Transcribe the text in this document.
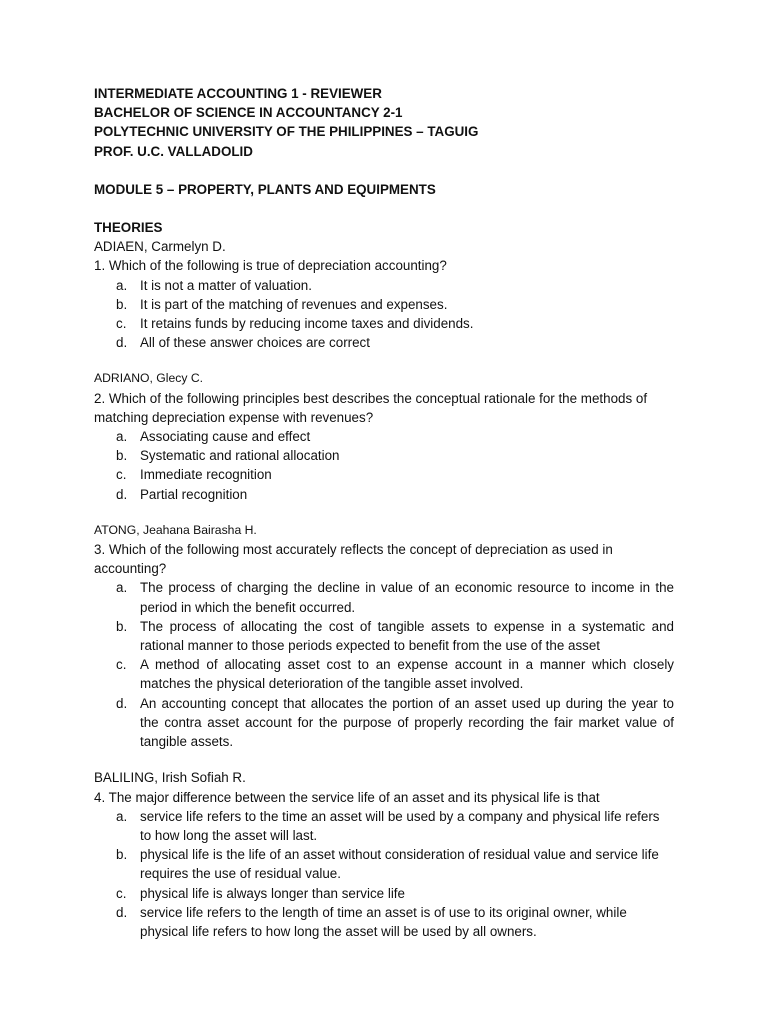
INTERMEDIATE ACCOUNTING 1 - REVIEWER

BACHELOR OF SCIENCE IN ACCOUNTANCY 2-1

POLYTECHNIC UNIVERSITY OF THE PHILIPPINES – TAGUIG

PROF. U.C. VALLADOLID

MODULE 5 – PROPERTY, PLANTS AND EQUIPMENTS

THEORIES

ADIAEN, Carmelyn D.

1. Which of the following is true of depreciation accounting?

a. It is not a matter of valuation.
b. It is part of the matching of revenues and expenses.
c.	It retains funds by reducing income taxes and dividends.
d. All of these answer choices are correct

ADRIANO, Glecy C.

2. Which of the following principles best describes the conceptual rationale for the methods of matching depreciation expense with revenues?

a. Associating cause and effect
b. Systematic and rational allocation
c.	Immediate recognition
d. Partial recognition

ATONG, Jeahana Bairasha H.

3. Which of the following most accurately reflects the concept of depreciation as used in accounting?

a. The process of charging the decline in value of an economic resource to income in the period in which the benefit occurred.
b. The process of allocating the cost of tangible assets to expense in a systematic and rational manner to those periods expected to benefit from the use of the asset
c.	A method of allocating asset cost to an expense account in a manner which closely matches the physical deterioration of the tangible asset involved.
d. An accounting concept that allocates the portion of an asset used up during the year to the contra asset account for the purpose of properly recording the fair market value of tangible assets.

BALILING, Irish Sofiah R.

4. The major difference between the service life of an asset and its physical life is that

a. service life refers to the time an asset will be used by a company and physical life refers to how long the asset will last.
b. physical life is the life of an asset without consideration of residual value and service life requires the use of residual value.
c.	physical life is always longer than service life
d. service life refers to the length of time an asset is of use to its original owner, while physical life refers to how long the asset will be used by all owners.
